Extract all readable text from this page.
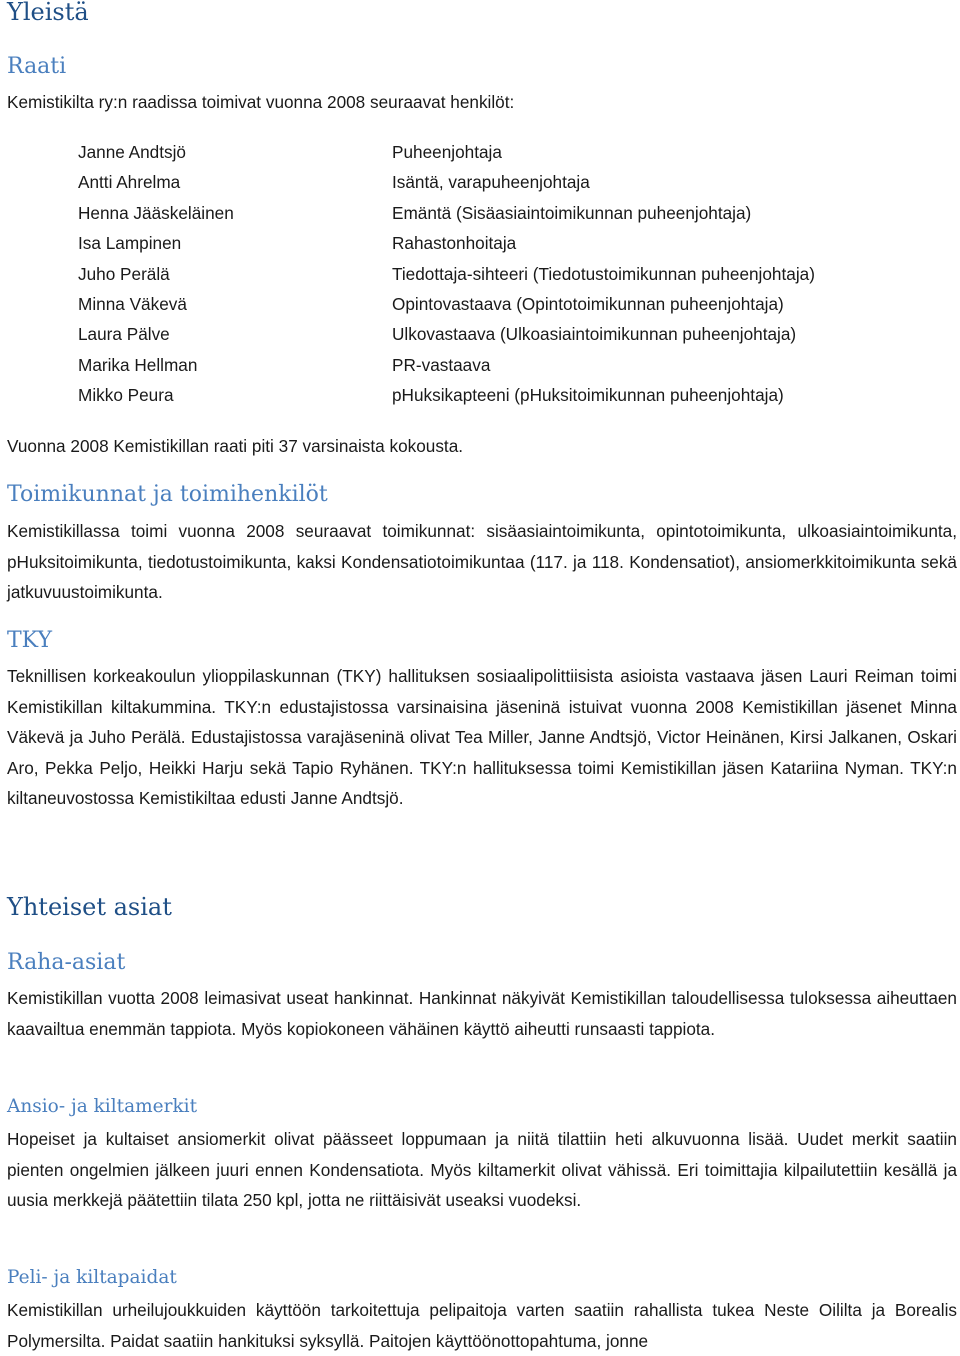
Yleistä
Raati

Kemistikilta ry:n raadissa toimivat vuonna 2008 seuraavat henkilöt:

Janne Andtsjö	Puheenjohtaja
Antti Ahrelma	Isäntä, varapuheenjohtaja
Henna Jääskeläinen	Emäntä (Sisäasiaintoimikunnan puheenjohtaja)
Isa Lampinen	Rahastonhoitaja
Juho Perälä	Tiedottaja-sihteeri (Tiedotustoimikunnan puheenjohtaja)
Minna Väkevä	Opintovastaava (Opintotoimikunnan puheenjohtaja)
Laura Pälve	Ulkovastaava (Ulkoasiaintoimikunnan puheenjohtaja)
Marika Hellman	PR-vastaava
Mikko Peura	pHuksikapteeni (pHuksitoimikunnan puheenjohtaja)

Vuonna 2008 Kemistikillan raati piti 37 varsinaista kokousta.

Toimikunnat ja toimihenkilöt

Kemistikillassa toimi vuonna 2008 seuraavat toimikunnat: sisäasiaintoimikunta, opintotoimikunta, ulkoasiaintoimikunta, pHuksitoimikunta, tiedotustoimikunta, kaksi Kondensatiotoimikuntaa (117. ja 118. Kondensatiot), ansiomerkkitoimikunta sekä jatkuvuustoimikunta.

TKY

Teknillisen korkeakoulun ylioppilaskunnan (TKY) hallituksen sosiaalipolittiisista asioista vastaava jäsen Lauri Reiman toimi Kemistikillan kiltakummina. TKY:n edustajistossa varsinaisina jäseninä istuivat vuonna 2008 Kemistikillan jäsenet Minna Väkevä ja Juho Perälä. Edustajistossa varajäseninä olivat Tea Miller, Janne Andtsjö, Victor Heinänen, Kirsi Jalkanen, Oskari Aro, Pekka Peljo, Heikki Harju sekä Tapio Ryhänen. TKY:n hallituksessa toimi Kemistikillan jäsen Katariina Nyman. TKY:n kiltaneuvostossa Kemistikiltaa edusti Janne Andtsjö.

Yhteiset asiat
Raha-asiat

Kemistikillan vuotta 2008 leimasivat useat hankinnat. Hankinnat näkyivät Kemistikillan taloudellisessa tuloksessa aiheuttaen kaavailtua enemmän tappiota. Myös kopiokoneen vähäinen käyttö aiheutti runsaasti tappiota.

Ansio- ja kiltamerkit

Hopeiset ja kultaiset ansiomerkit olivat päässeet loppumaan ja niitä tilattiin heti alkuvuonna lisää. Uudet merkit saatiin pienten ongelmien jälkeen juuri ennen Kondensatiota. Myös kiltamerkit olivat vähissä. Eri toimittajia kilpailutettiin kesällä ja uusia merkkejä päätettiin tilata 250 kpl, jotta ne riittäisivät useaksi vuodeksi.

Peli- ja kiltapaidat

Kemistikillan urheilujoukkuiden käyttöön tarkoitettuja pelipaitoja varten saatiin rahallista tukea Neste Oililta ja Borealis Polymersilta. Paidat saatiin hankituksi syksyllä. Paitojen käyttöönottopahtuma, jonne
